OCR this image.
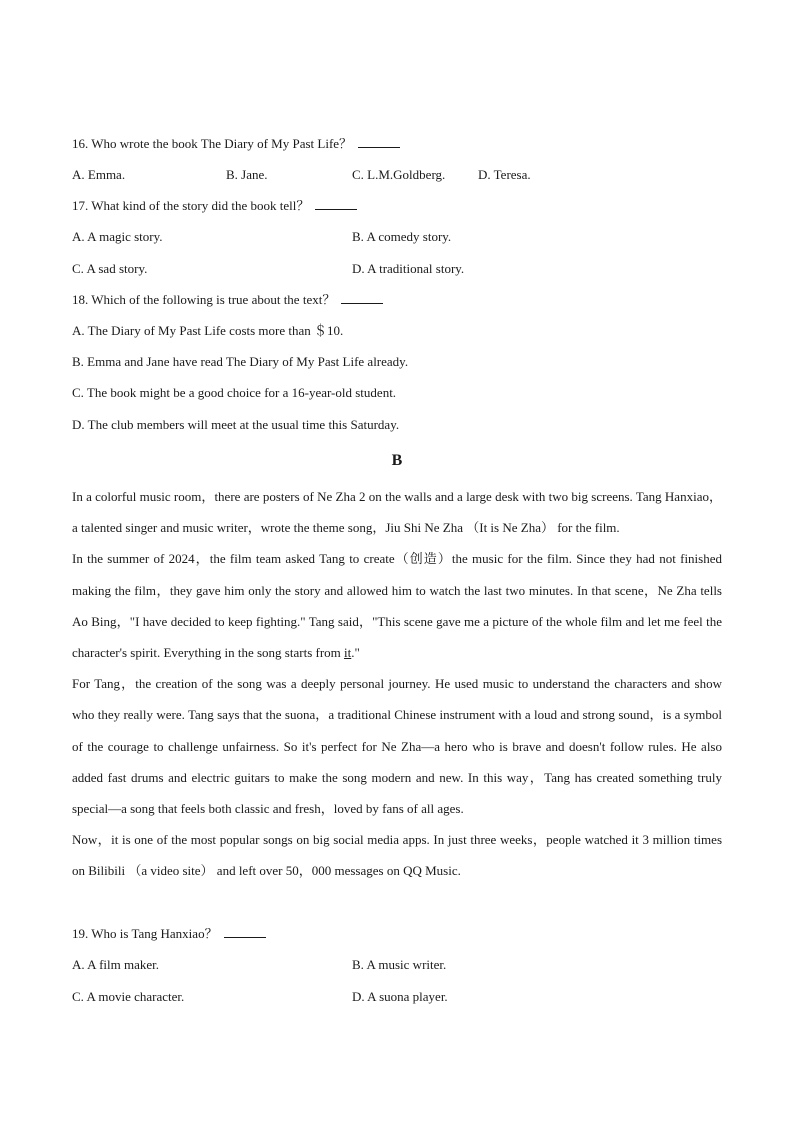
16. Who wrote the book The Diary of My Past Life？
A. Emma.	B. Jane.	C. L.M.Goldberg.	D. Teresa.
17. What kind of the story did the book tell？
A. A magic story.	B. A comedy story.
C. A sad story.	D. A traditional story.
18. Which of the following is true about the text？
A. The Diary of My Past Life costs more than ＄10.
B. Emma and Jane have read The Diary of My Past Life already.
C. The book might be a good choice for a 16-year-old student.
D. The club members will meet at the usual time this Saturday.
B

In a colorful music room，there are posters of Ne Zha 2 on the walls and a large desk with two big screens. Tang Hanxiao，a talented singer and music writer，wrote the theme song，Jiu Shi Ne Zha （It is Ne Zha） for the film.

In the summer of 2024，the film team asked Tang to create（创造）the music for the film. Since they had not finished making the film，they gave him only the story and allowed him to watch the last two minutes. In that scene，Ne Zha tells Ao Bing，"I have decided to keep fighting." Tang said，"This scene gave me a picture of the whole film and let me feel the character's spirit. Everything in the song starts from it."

For Tang，the creation of the song was a deeply personal journey. He used music to understand the characters and show who they really were. Tang says that the suona，a traditional Chinese instrument with a loud and strong sound，is a symbol of the courage to challenge unfairness. So it's perfect for Ne Zha—a hero who is brave and doesn't follow rules. He also added fast drums and electric guitars to make the song modern and new. In this way，Tang has created something truly special—a song that feels both classic and fresh，loved by fans of all ages.

Now，it is one of the most popular songs on big social media apps. In just three weeks，people watched it 3 million times on Bilibili （a video site） and left over 50，000 messages on QQ Music.

19. Who is Tang Hanxiao？
A. A film maker.	B. A music writer.
C. A movie character.	D. A suona player.
